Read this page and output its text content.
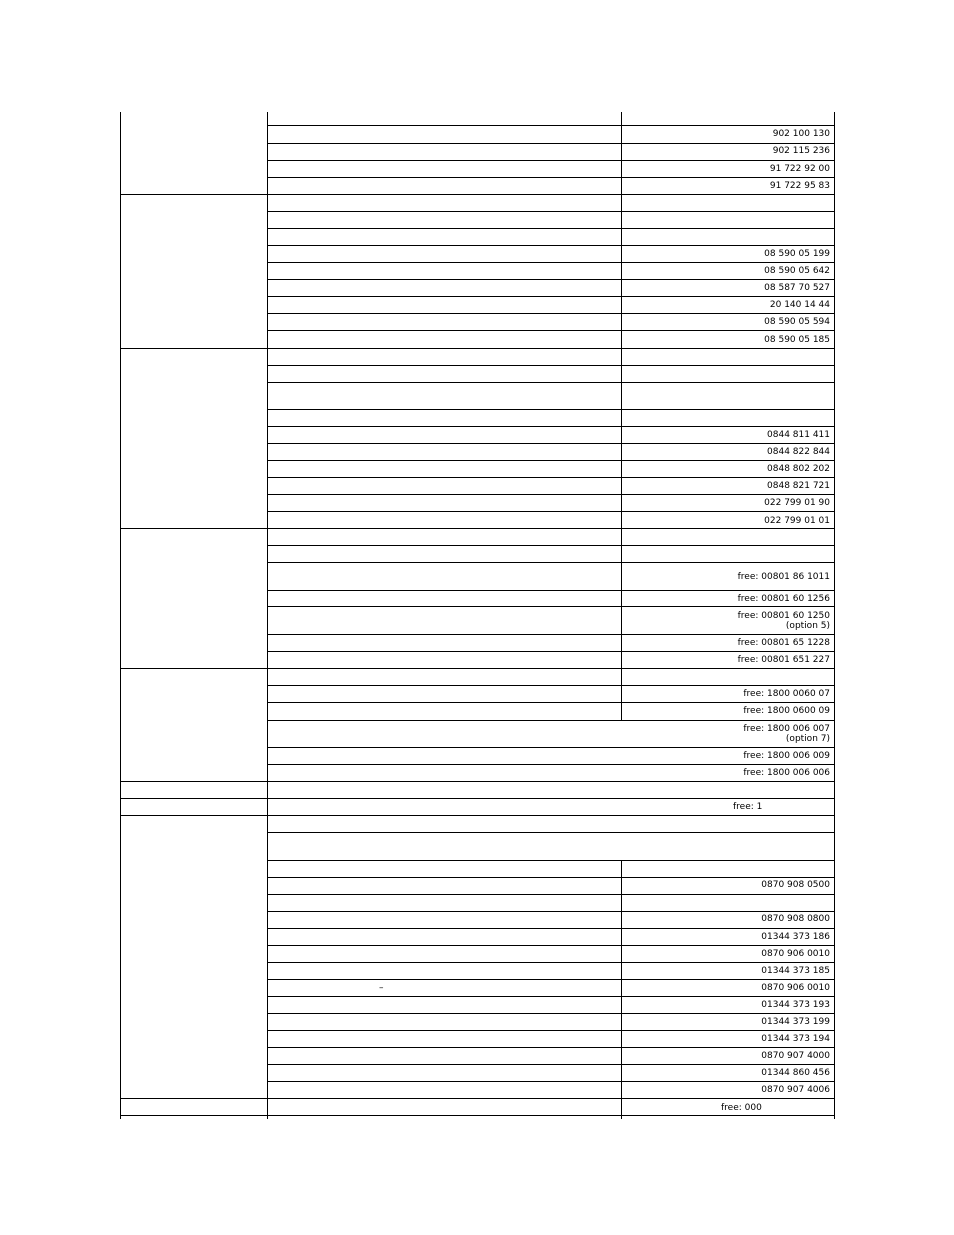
902 100 130
902 115 236
91 722 92 00
91 722 95 83
08 590 05 199
08 590 05 642
08 587 70 527
20 140 14 44
08 590 05 594
08 590 05 185
0844 811 411
0844 822 844
0848 802 202
0848 821 721
022 799 01 90
022 799 01 01
free: 00801 86 1011
free: 00801 60 1256
free: 00801 60 1250
(option 5)
free: 00801 65 1228
free: 00801 651 227
free: 1800 0060 07
free: 1800 0600 09
free: 1800 006 007
(option 7)
free: 1800 006 009
free: 1800 006 006
free: 1
0870 908 0500
0870 908 0800
01344 373 186
0870 906 0010
01344 373 185
0870 906 0010
–
01344 373 193
01344 373 199
01344 373 194
0870 907 4000
01344 860 456
0870 907 4006
free: 000
